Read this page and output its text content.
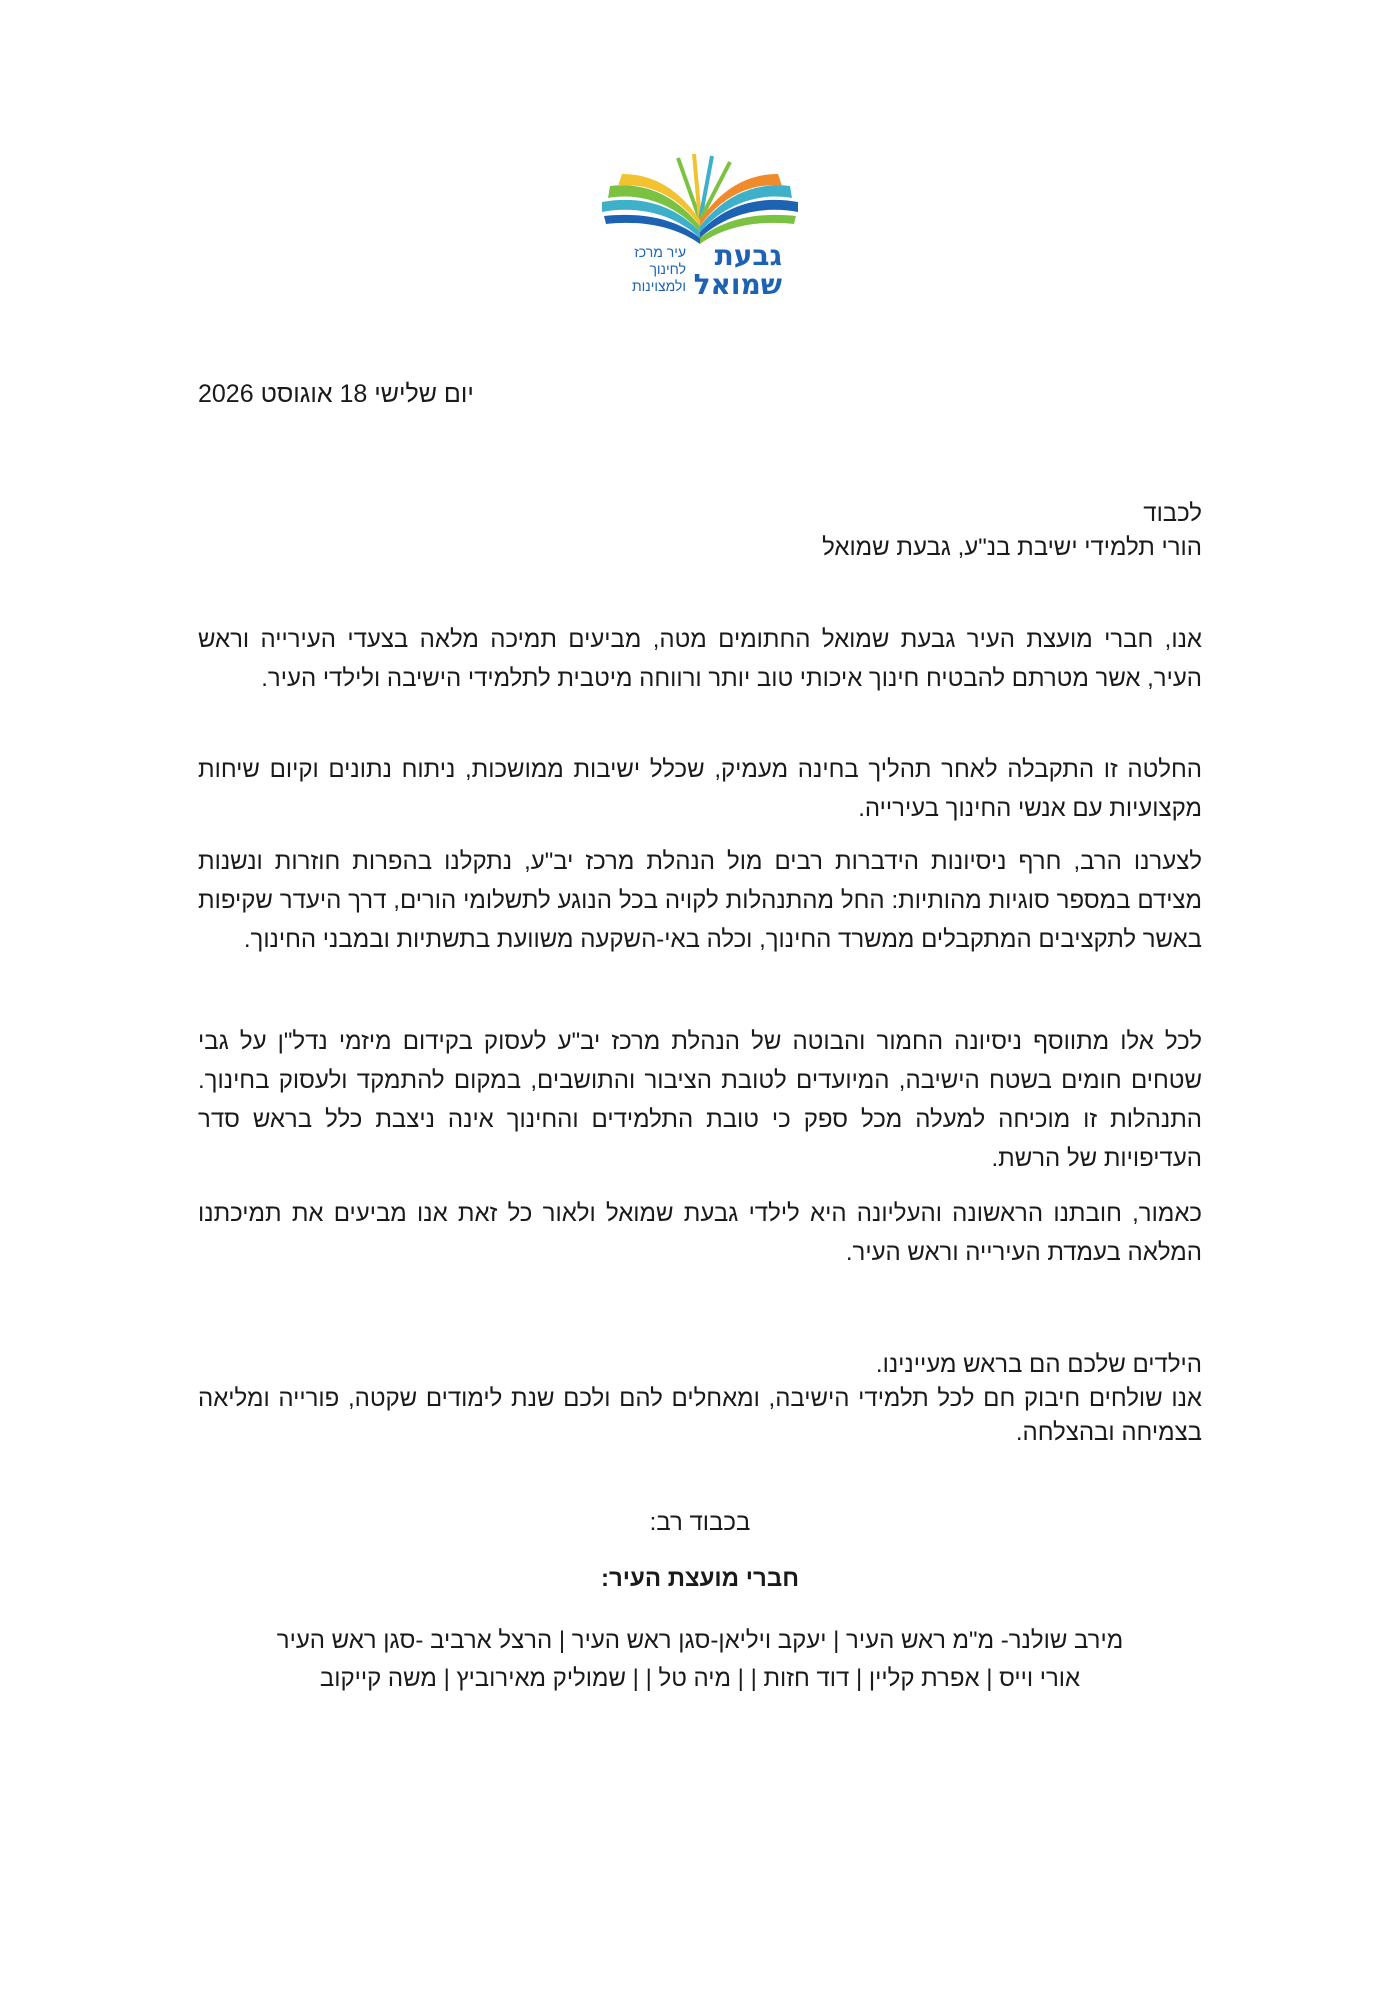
גבעת
שמואל
עיר מרכז לחינוך ולמצוינות
יום שלישי 18 אוגוסט 2026
לכבוד
הורי תלמידי ישיבת בנ"ע, גבעת שמואל

אנו, חברי מועצת העיר גבעת שמואל החתומים מטה, מביעים תמיכה מלאה בצעדי העירייה וראש העיר, אשר מטרתם להבטיח חינוך איכותי טוב יותר ורווחה מיטבית לתלמידי הישיבה ולילדי העיר.

החלטה זו התקבלה לאחר תהליך בחינה מעמיק, שכלל ישיבות ממושכות, ניתוח נתונים וקיום שיחות מקצועיות עם אנשי החינוך בעירייה.

לצערנו הרב, חרף ניסיונות הידברות רבים מול הנהלת מרכז יב"ע, נתקלנו בהפרות חוזרות ונשנות מצידם במספר סוגיות מהותיות: החל מהתנהלות לקויה בכל הנוגע לתשלומי הורים, דרך היעדר שקיפות באשר לתקציבים המתקבלים ממשרד החינוך, וכלה באי-השקעה משוועת בתשתיות ובמבני החינוך.

לכל אלו מתווסף ניסיונה החמור והבוטה של הנהלת מרכז יב"ע לעסוק בקידום מיזמי נדל"ן על גבי שטחים חומים בשטח הישיבה, המיועדים לטובת הציבור והתושבים, במקום להתמקד ולעסוק בחינוך. התנהלות זו מוכיחה למעלה מכל ספק כי טובת התלמידים והחינוך אינה ניצבת כלל בראש סדר העדיפויות של הרשת.

כאמור, חובתנו הראשונה והעליונה היא לילדי גבעת שמואל ולאור כל זאת אנו מביעים את תמיכתנו המלאה בעמדת העירייה וראש העיר.

הילדים שלכם הם בראש מעיינינו.

אנו שולחים חיבוק חם לכל תלמידי הישיבה, ומאחלים להם ולכם שנת לימודים שקטה, פורייה ומליאה בצמיחה ובהצלחה.

בכבוד רב:
חברי מועצת העיר:
מירב שולנר- מ"מ ראש העיר | יעקב ויליאן-סגן ראש העיר | הרצל ארביב -סגן ראש העיר
אורי וייס | אפרת קליין | דוד חזות | | מיה טל | | שמוליק מאירוביץ | משה קייקוב
